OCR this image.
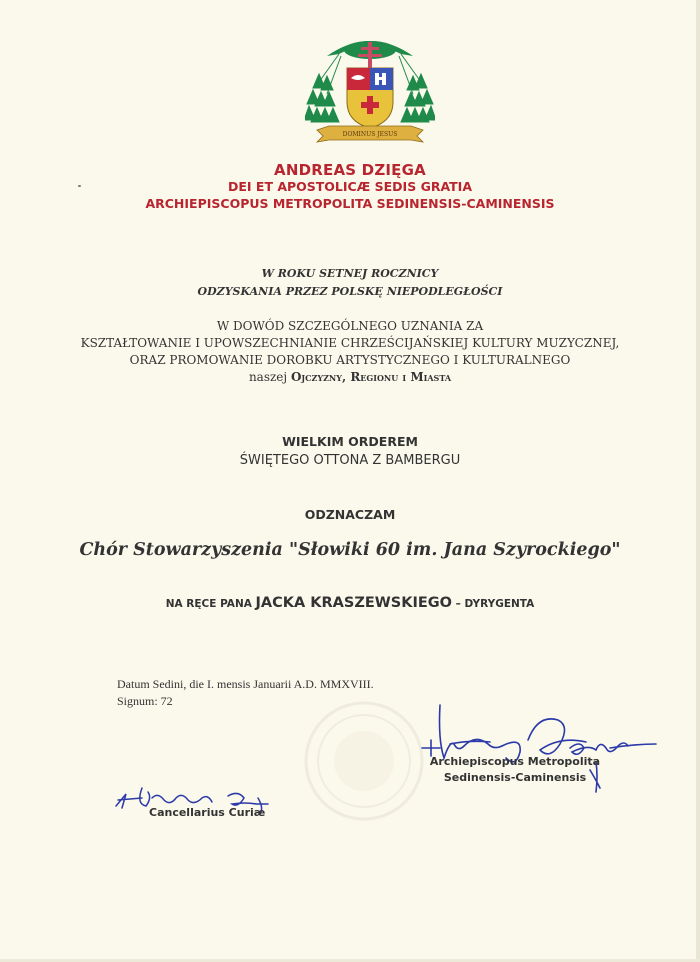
DOMINUS JESUS
ANDREAS DZIĘGA
DEI ET APOSTOLICÆ SEDIS GRATIA
ARCHIEPISCOPUS METROPOLITA SEDINENSIS-CAMINENSIS
W ROKU SETNEJ ROCZNICY
ODZYSKANIA PRZEZ POLSKĘ NIEPODLEGŁOŚCI
W DOWÓD SZCZEGÓLNEGO UZNANIA ZA
KSZTAŁTOWANIE I UPOWSZECHNIANIE CHRZEŚCIJAŃSKIEJ KULTURY MUZYCZNEJ,
ORAZ PROMOWANIE DOROBKU ARTYSTYCZNEGO I KULTURALNEGO
naszej Ojczyzny, Regionu i Miasta
WIELKIM ORDEREM
ŚWIĘTEGO OTTONA Z BAMBERGU
ODZNACZAM
Chór Stowarzyszenia "Słowiki 60 im. Jana Szyrockiego"
NA RĘCE PANA JACKA KRASZEWSKIEGO – DYRYGENTA
Datum Sedini, die I. mensis Januarii A.D. MMXVIII.
Signum: 72
Archiepiscopus Metropolita
Sedinensis-Caminensis
Cancellarius Curiæ
